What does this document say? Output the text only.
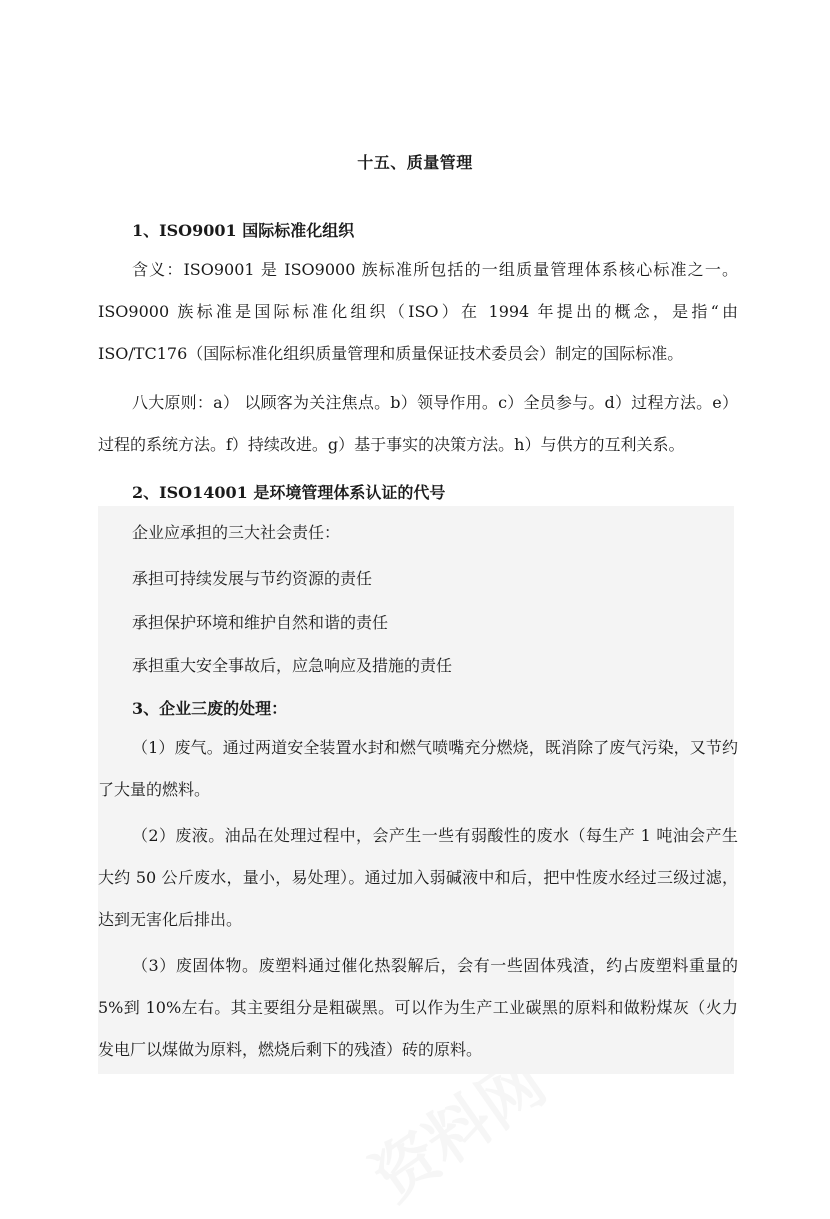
十五、质量管理
1、ISO9001 国际标准化组织

含义：ISO9001 是 ISO9000 族标准所包括的一组质量管理体系核心标准之一。ISO9000 族标准是国际标准化组织（ISO）在 1994 年提出的概念，是指“由 ISO/TC176（国际标准化组织质量管理和质量保证技术委员会）制定的国际标准。

八大原则：a） 以顾客为关注焦点。b）领导作用。c）全员参与。d）过程方法。e）过程的系统方法。f）持续改进。g）基于事实的决策方法。h）与供方的互利关系。

2、ISO14001 是环境管理体系认证的代号
企业应承担的三大社会责任：
承担可持续发展与节约资源的责任
承担保护环境和维护自然和谐的责任
承担重大安全事故后，应急响应及措施的责任
3、企业三废的处理：

（1）废气。通过两道安全装置水封和燃气喷嘴充分燃烧，既消除了废气污染，又节约了大量的燃料。

（2）废液。油品在处理过程中，会产生一些有弱酸性的废水（每生产 1 吨油会产生大约 50 公斤废水，量小，易处理）。通过加入弱碱液中和后，把中性废水经过三级过滤，达到无害化后排出。

（3）废固体物。废塑料通过催化热裂解后，会有一些固体残渣，约占废塑料重量的 5%到 10%左右。其主要组分是粗碳黑。可以作为生产工业碳黑的原料和做粉煤灰（火力发电厂以煤做为原料，燃烧后剩下的残渣）砖的原料。
